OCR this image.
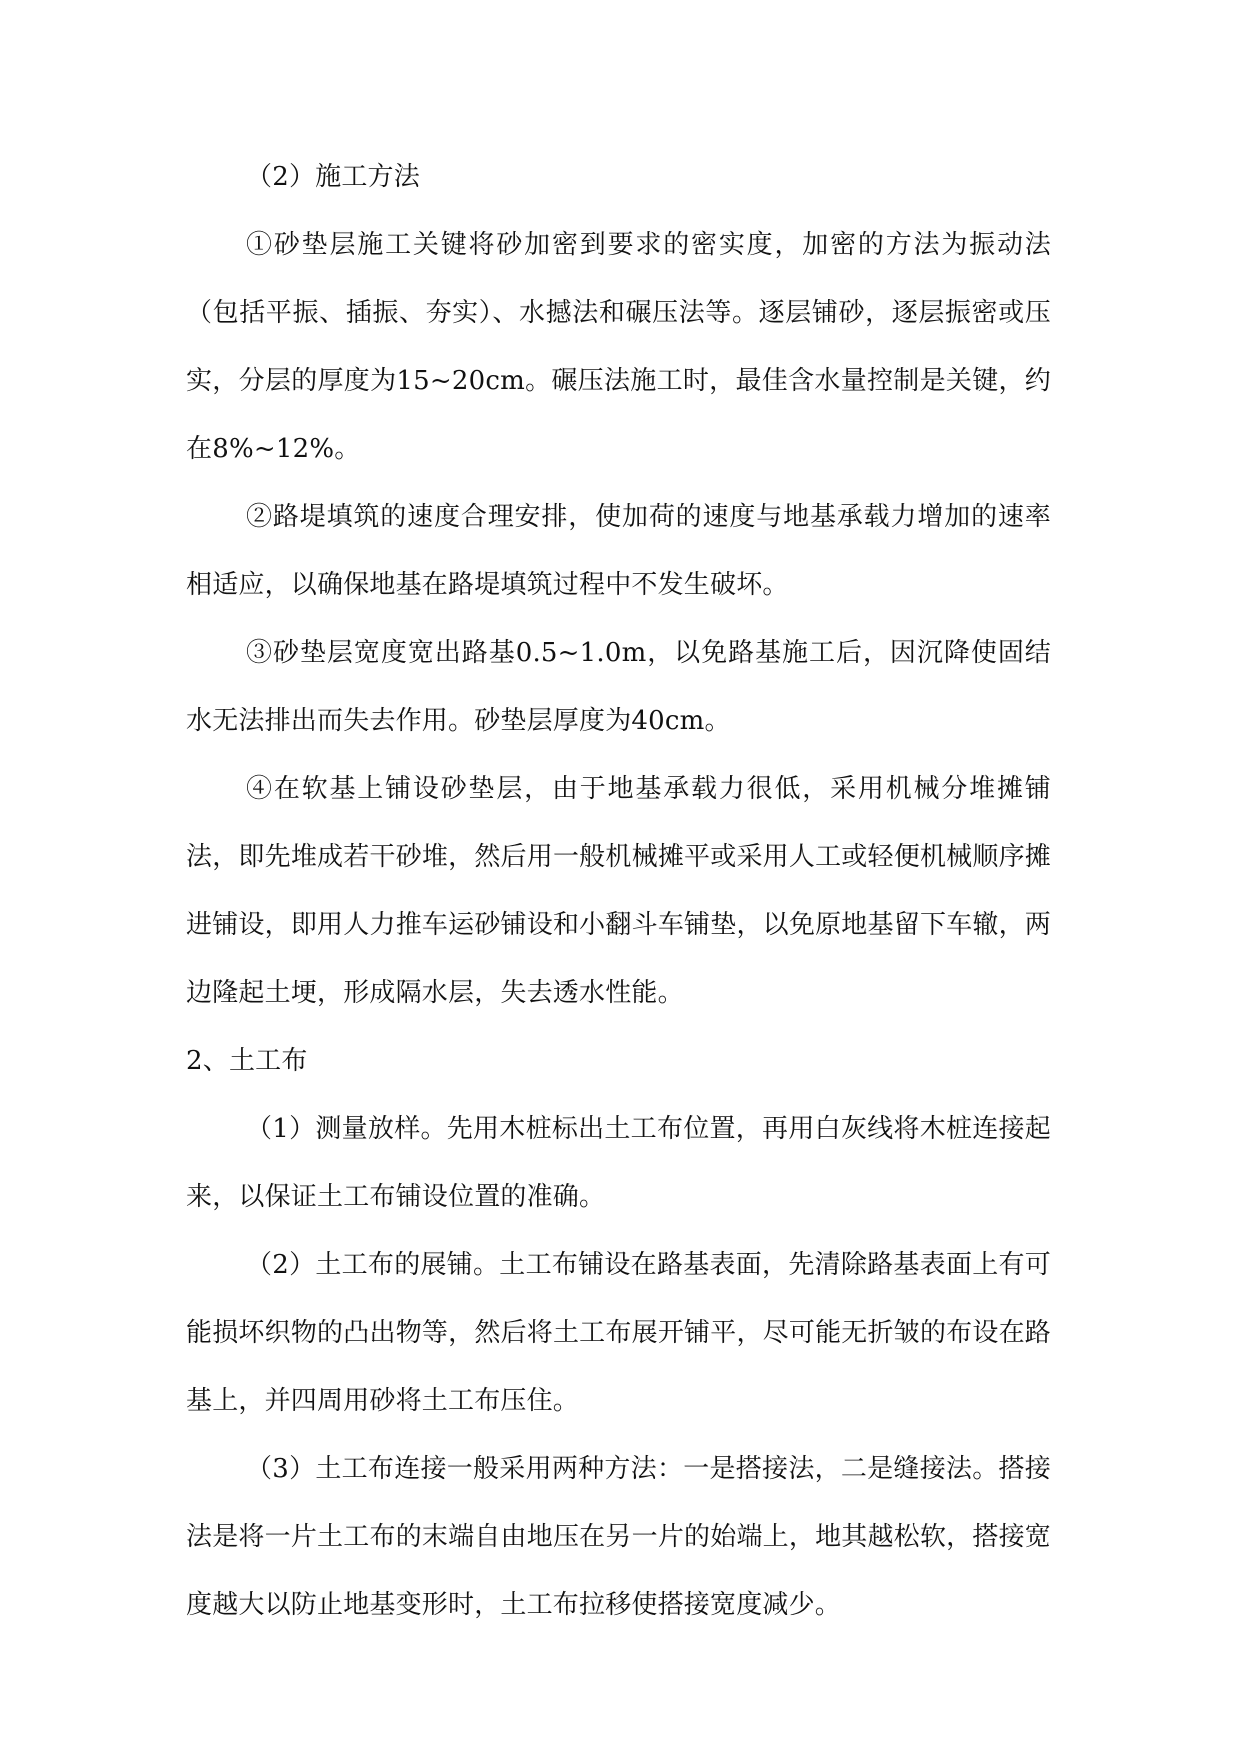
（2）施工方法

①砂垫层施工关键将砂加密到要求的密实度，加密的方法为振动法（包括平振、插振、夯实）、水撼法和碾压法等。逐层铺砂，逐层振密或压实，分层的厚度为15~20cm。碾压法施工时，最佳含水量控制是关键，约在8%~12%。

②路堤填筑的速度合理安排，使加荷的速度与地基承载力增加的速率相适应，以确保地基在路堤填筑过程中不发生破坏。

③砂垫层宽度宽出路基0.5~1.0m，以免路基施工后，因沉降使固结水无法排出而失去作用。砂垫层厚度为40cm。

④在软基上铺设砂垫层，由于地基承载力很低，采用机械分堆摊铺法，即先堆成若干砂堆，然后用一般机械摊平或采用人工或轻便机械顺序摊进铺设，即用人力推车运砂铺设和小翻斗车铺垫，以免原地基留下车辙，两边隆起土埂，形成隔水层，失去透水性能。

2、土工布

（1）测量放样。先用木桩标出土工布位置，再用白灰线将木桩连接起来，以保证土工布铺设位置的准确。

（2）土工布的展铺。土工布铺设在路基表面，先清除路基表面上有可能损坏织物的凸出物等，然后将土工布展开铺平，尽可能无折皱的布设在路基上，并四周用砂将土工布压住。

（3）土工布连接一般采用两种方法：一是搭接法，二是缝接法。搭接法是将一片土工布的末端自由地压在另一片的始端上，地其越松软，搭接宽度越大以防止地基变形时，土工布拉移使搭接宽度减少。
